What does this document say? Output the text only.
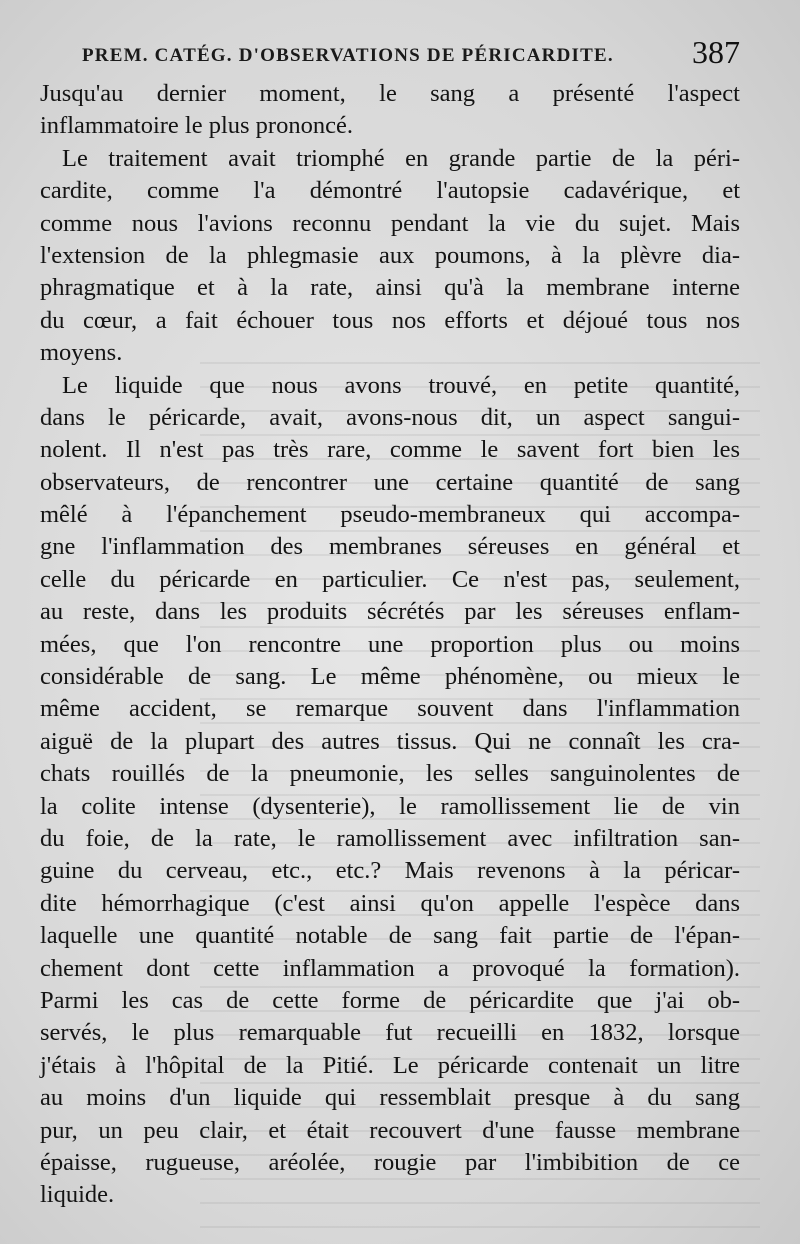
PREM. CATÉG. D'OBSERVATIONS DE PÉRICARDITE. 387
Jusqu'au dernier moment, le sang a présenté l'aspect
inflammatoire le plus prononcé.
Le traitement avait triomphé en grande partie de la péri-
cardite, comme l'a démontré l'autopsie cadavérique, et
comme nous l'avions reconnu pendant la vie du sujet. Mais
l'extension de la phlegmasie aux poumons, à la plèvre dia-
phragmatique et à la rate, ainsi qu'à la membrane interne
du cœur, a fait échouer tous nos efforts et déjoué tous nos
moyens.
Le liquide que nous avons trouvé, en petite quantité,
dans le péricarde, avait, avons-nous dit, un aspect sangui-
nolent. Il n'est pas très rare, comme le savent fort bien les
observateurs, de rencontrer une certaine quantité de sang
mêlé à l'épanchement pseudo-membraneux qui accompa-
gne l'inflammation des membranes séreuses en général et
celle du péricarde en particulier. Ce n'est pas, seulement,
au reste, dans les produits sécrétés par les séreuses enflam-
mées, que l'on rencontre une proportion plus ou moins
considérable de sang. Le même phénomène, ou mieux le
même accident, se remarque souvent dans l'inflammation
aiguë de la plupart des autres tissus. Qui ne connaît les cra-
chats rouillés de la pneumonie, les selles sanguinolentes de
la colite intense (dysenterie), le ramollissement lie de vin
du foie, de la rate, le ramollissement avec infiltration san-
guine du cerveau, etc., etc.? Mais revenons à la péricar-
dite hémorrhagique (c'est ainsi qu'on appelle l'espèce dans
laquelle une quantité notable de sang fait partie de l'épan-
chement dont cette inflammation a provoqué la formation).
Parmi les cas de cette forme de péricardite que j'ai ob-
servés, le plus remarquable fut recueilli en 1832, lorsque
j'étais à l'hôpital de la Pitié. Le péricarde contenait un litre
au moins d'un liquide qui ressemblait presque à du sang
pur, un peu clair, et était recouvert d'une fausse membrane
épaisse, rugueuse, aréolée, rougie par l'imbibition de ce
liquide.
